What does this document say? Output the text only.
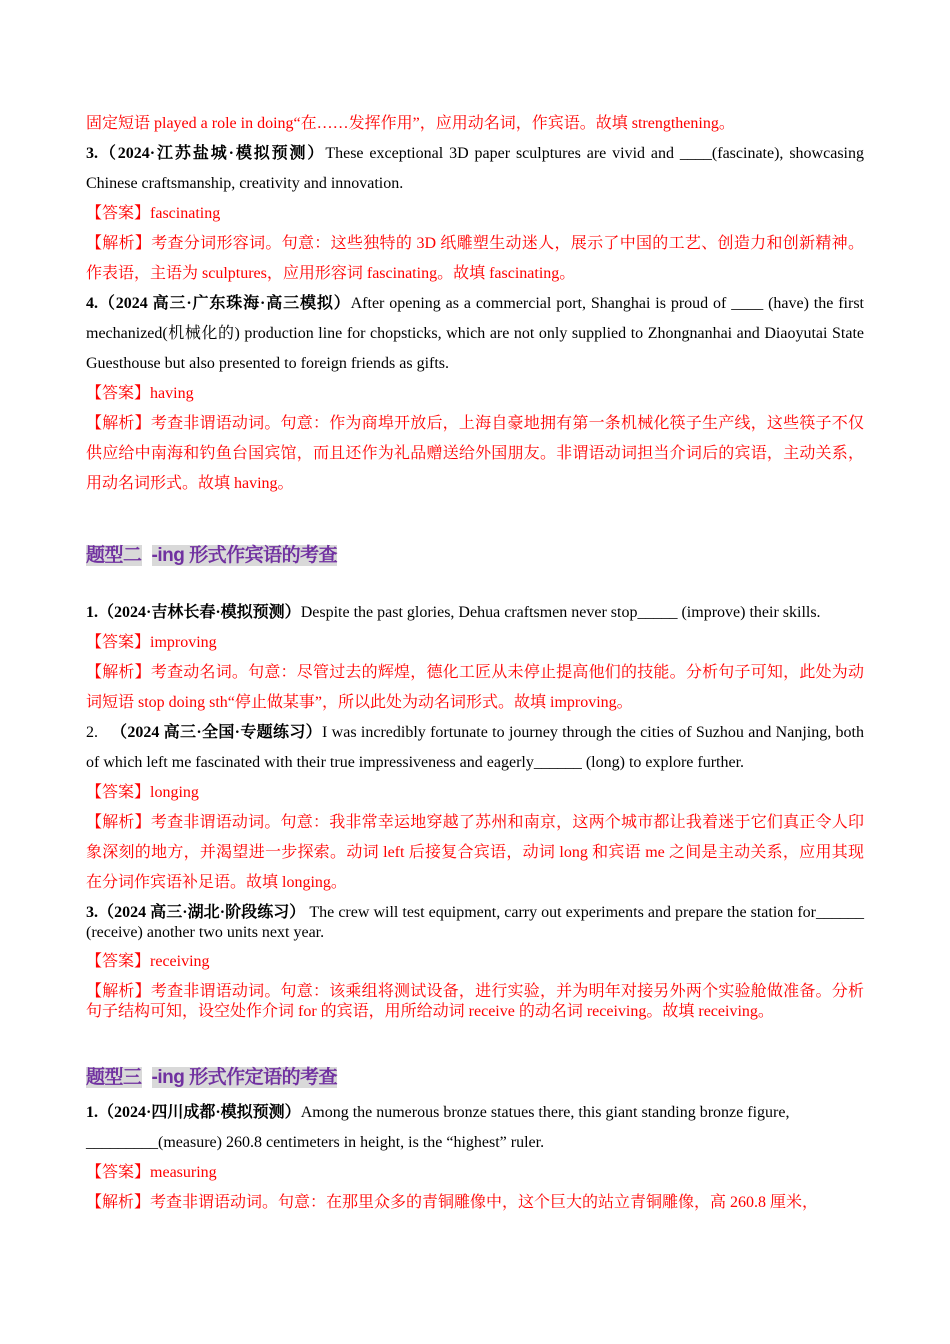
固定短语 played a role in doing“在……发挥作用”，应用动名词，作宾语。故填 strengthening。
3.（2024·江苏盐城·模拟预测）These exceptional 3D paper sculptures are vivid and ____(fascinate), showcasing Chinese craftsmanship, creativity and innovation.
【答案】fascinating
【解析】考查分词形容词。句意：这些独特的 3D 纸雕塑生动迷人，展示了中国的工艺、创造力和创新精神。作表语，主语为 sculptures，应用形容词 fascinating。故填 fascinating。
4.（2024 高三·广东珠海·高三模拟）After opening as a commercial port, Shanghai is proud of ____ (have) the first mechanized(机械化的) production line for chopsticks, which are not only supplied to Zhongnanhai and Diaoyutai State Guesthouse but also presented to foreign friends as gifts.
【答案】having
【解析】考查非谓语动词。句意：作为商埠开放后，上海自豪地拥有第一条机械化筷子生产线，这些筷子不仅供应给中南海和钓鱼台国宾馆，而且还作为礼品赠送给外国朋友。非谓语动词担当介词后的宾语，主动关系，用动名词形式。故填 having。
题型二 -ing 形式作宾语的考查
1.（2024·吉林长春·模拟预测）Despite the past glories, Dehua craftsmen never stop_____ (improve) their skills.
【答案】improving
【解析】考查动名词。句意：尽管过去的辉煌，德化工匠从未停止提高他们的技能。分析句子可知，此处为动词短语 stop doing sth“停止做某事”，所以此处为动名词形式。故填 improving。
2. （2024 高三·全国·专题练习）I was incredibly fortunate to journey through the cities of Suzhou and Nanjing, both of which left me fascinated with their true impressiveness and eagerly______ (long) to explore further.
【答案】longing
【解析】考查非谓语动词。句意：我非常幸运地穿越了苏州和南京，这两个城市都让我着迷于它们真正令人印象深刻的地方，并渴望进一步探索。动词 left 后接复合宾语，动词 long 和宾语 me 之间是主动关系，应用其现在分词作宾语补足语。故填 longing。
3.（2024 高三·湖北·阶段练习） The crew will test equipment, carry out experiments and prepare the station for______ (receive) another two units next year.
【答案】receiving
【解析】考查非谓语动词。句意：该乘组将测试设备，进行实验，并为明年对接另外两个实验舱做准备。分析句子结构可知，设空处作介词 for 的宾语，用所给动词 receive 的动名词 receiving。故填 receiving。
题型三 -ing 形式作定语的考查
1.（2024·四川成都·模拟预测）Among the numerous bronze statues there, this giant standing bronze figure, _________(measure) 260.8 centimeters in height, is the “highest” ruler.
【答案】measuring
【解析】考查非谓语动词。句意：在那里众多的青铜雕像中，这个巨大的站立青铜雕像，高 260.8 厘米，
